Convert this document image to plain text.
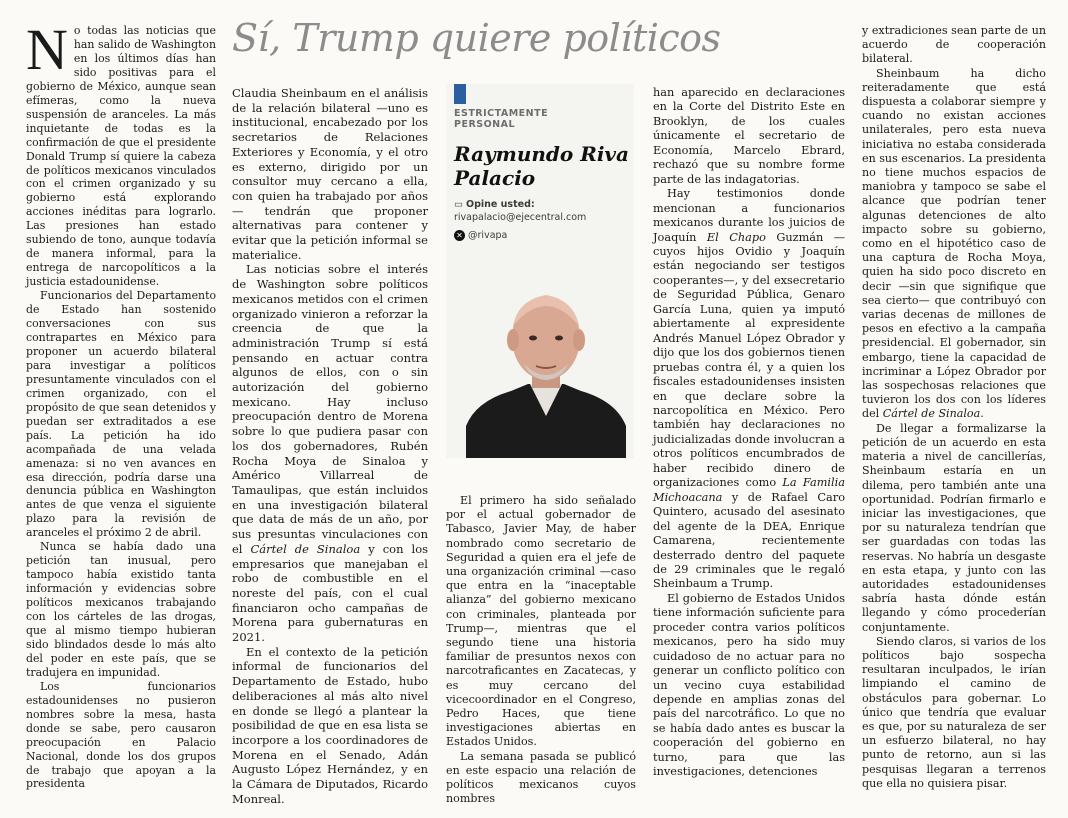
Sí, Trump quiere políticos

No todas las noticias que han salido de Washington en los últimos días han sido positivas para el gobierno de México, aunque sean efímeras, como la nueva suspensión de aranceles. La más inquietante de todas es la confirmación de que el presidente Donald Trump sí quiere la cabeza de políticos mexicanos vinculados con el crimen organizado y su gobierno está explorando acciones inéditas para lograrlo. Las presiones han estado subiendo de tono, aunque todavía de manera informal, para la entrega de narcopolíticos a la justicia estadounidense.

Funcionarios del Departamento de Estado han sostenido conversaciones con sus contrapartes en México para proponer un acuerdo bilateral para investigar a políticos presuntamente vinculados con el crimen organizado, con el propósito de que sean detenidos y puedan ser extraditados a ese país. La petición ha ido acompañada de una velada amenaza: si no ven avances en esa dirección, podría darse una denuncia pública en Washington antes de que venza el siguiente plazo para la revisión de aranceles el próximo 2 de abril.

Nunca se había dado una petición tan inusual, pero tampoco había existido tanta información y evidencias sobre políticos mexicanos trabajando con los cárteles de las drogas, que al mismo tiempo hubieran sido blindados desde lo más alto del poder en este país, que se tradujera en impunidad.

Los funcionarios estadounidenses no pusieron nombres sobre la mesa, hasta donde se sabe, pero causaron preocupación en Palacio Nacional, donde los dos grupos de trabajo que apoyan a la presidenta

Claudia Sheinbaum en el análisis de la relación bilateral —uno es institucional, encabezado por los secretarios de Relaciones Exteriores y Economía, y el otro es externo, dirigido por un consultor muy cercano a ella, con quien ha trabajado por años— tendrán que proponer alternativas para contener y evitar que la petición informal se materialice.

Las noticias sobre el interés de Washington sobre políticos mexicanos metidos con el crimen organizado vinieron a reforzar la creencia de que la administración Trump sí está pensando en actuar contra algunos de ellos, con o sin autorización del gobierno mexicano. Hay incluso preocupación dentro de Morena sobre lo que pudiera pasar con los dos gobernadores, Rubén Rocha Moya de Sinaloa y Américo Villarreal de Tamaulipas, que están incluidos en una investigación bilateral que data de más de un año, por sus presuntas vinculaciones con el Cártel de Sinaloa y con los empresarios que manejaban el robo de combustible en el noreste del país, con el cual financiaron ocho campañas de Morena para gubernaturas en 2021.

En el contexto de la petición informal de funcionarios del Departamento de Estado, hubo deliberaciones al más alto nivel en donde se llegó a plantear la posibilidad de que en esa lista se incorpore a los coordinadores de Morena en el Senado, Adán Augusto López Hernández, y en la Cámara de Diputados, Ricardo Monreal.

ESTRICTAMENTE PERSONAL
Raymundo Riva Palacio
▭ Opine usted:
rivapalacio@ejecentral.com
✕ @rivapa

El primero ha sido señalado por el actual gobernador de Tabasco, Javier May, de haber nombrado como secretario de Seguridad a quien era el jefe de una organización criminal —caso que entra en la “inaceptable alianza” del gobierno mexicano con criminales, planteada por Trump—, mientras que el segundo tiene una historia familiar de presuntos nexos con narcotraficantes en Zacatecas, y es muy cercano del vicecoordinador en el Congreso, Pedro Haces, que tiene investigaciones abiertas en Estados Unidos.

La semana pasada se publicó en este espacio una relación de políticos mexicanos cuyos nombres

han aparecido en declaraciones en la Corte del Distrito Este en Brooklyn, de los cuales únicamente el secretario de Economía, Marcelo Ebrard, rechazó que su nombre forme parte de las indagatorias.

Hay testimonios donde mencionan a funcionarios mexicanos durante los juicios de Joaquín El Chapo Guzmán —cuyos hijos Ovidio y Joaquín están negociando ser testigos cooperantes—, y del exsecretario de Seguridad Pública, Genaro García Luna, quien ya imputó abiertamente al expresidente Andrés Manuel López Obrador y dijo que los dos gobiernos tienen pruebas contra él, y a quien los fiscales estadounidenses insisten en que declare sobre la narcopolítica en México. Pero también hay declaraciones no judicializadas donde involucran a otros políticos encumbrados de haber recibido dinero de organizaciones como La Familia Michoacana y de Rafael Caro Quintero, acusado del asesinato del agente de la DEA, Enrique Camarena, recientemente desterrado dentro del paquete de 29 criminales que le regaló Sheinbaum a Trump.

El gobierno de Estados Unidos tiene información suficiente para proceder contra varios políticos mexicanos, pero ha sido muy cuidadoso de no actuar para no generar un conflicto político con un vecino cuya estabilidad depende en amplias zonas del país del narcotráfico. Lo que no se había dado antes es buscar la cooperación del gobierno en turno, para que las investigaciones, detenciones

y extradiciones sean parte de un acuerdo de cooperación bilateral.

Sheinbaum ha dicho reiteradamente que está dispuesta a colaborar siempre y cuando no existan acciones unilaterales, pero esta nueva iniciativa no estaba considerada en sus escenarios. La presidenta no tiene muchos espacios de maniobra y tampoco se sabe el alcance que podrían tener algunas detenciones de alto impacto sobre su gobierno, como en el hipotético caso de una captura de Rocha Moya, quien ha sido poco discreto en decir —sin que signifique que sea cierto— que contribuyó con varias decenas de millones de pesos en efectivo a la campaña presidencial. El gobernador, sin embargo, tiene la capacidad de incriminar a López Obrador por las sospechosas relaciones que tuvieron los dos con los líderes del Cártel de Sinaloa.

De llegar a formalizarse la petición de un acuerdo en esta materia a nivel de cancillerías, Sheinbaum estaría en un dilema, pero también ante una oportunidad. Podrían firmarlo e iniciar las investigaciones, que por su naturaleza tendrían que ser guardadas con todas las reservas. No habría un desgaste en esta etapa, y junto con las autoridades estadounidenses sabría hasta dónde están llegando y cómo procederían conjuntamente.

Siendo claros, si varios de los políticos bajo sospecha resultaran inculpados, le irían limpiando el camino de obstáculos para gobernar. Lo único que tendría que evaluar es que, por su naturaleza de ser un esfuerzo bilateral, no hay punto de retorno, aun si las pesquisas llegaran a terrenos que ella no quisiera pisar.
